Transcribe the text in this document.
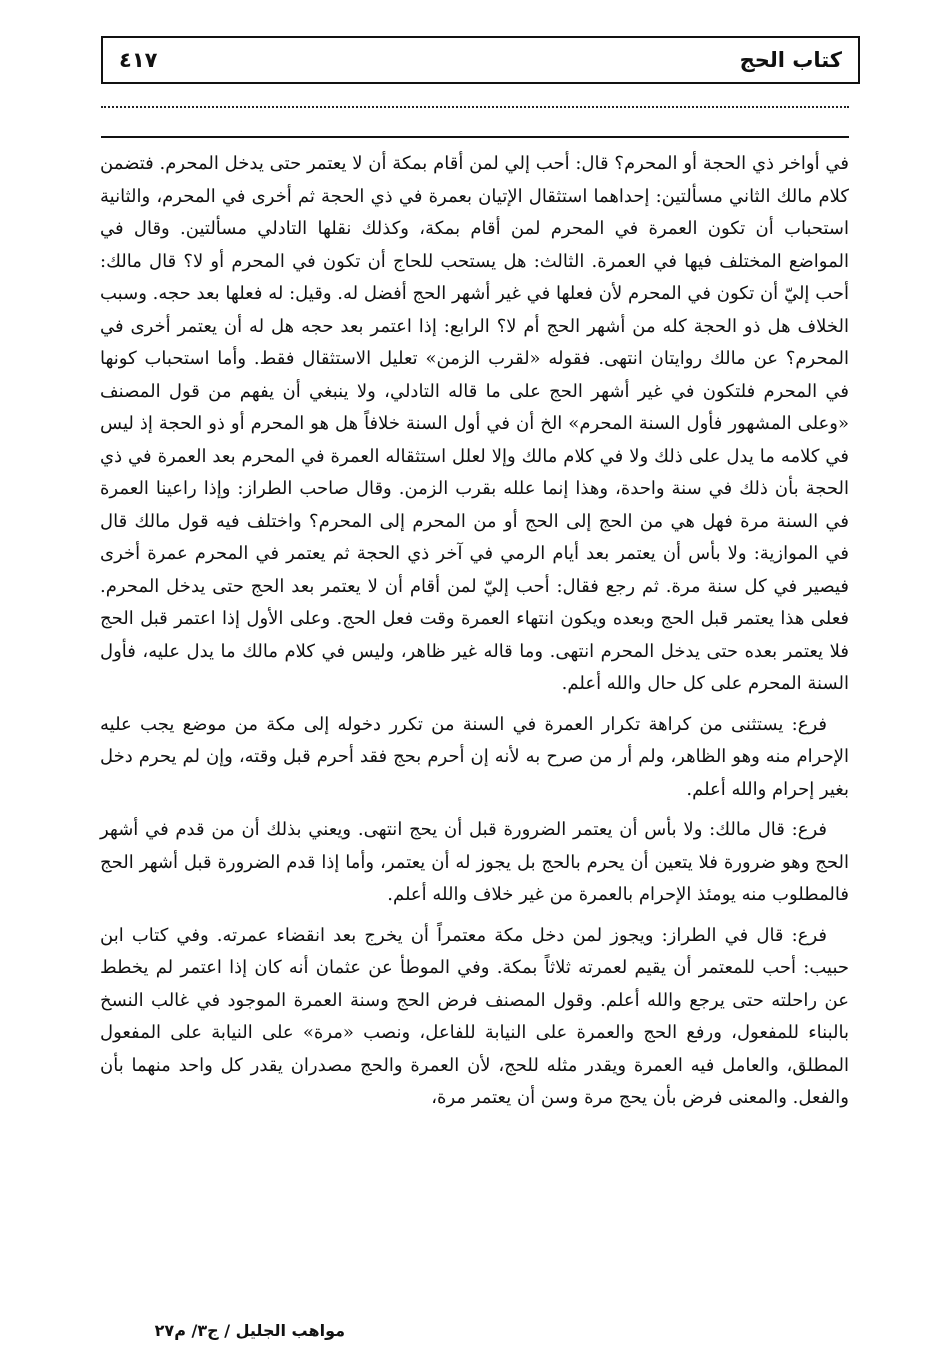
٤١٧	كتاب الحج

في أواخر ذي الحجة أو المحرم؟ قال: أحب إلي لمن أقام بمكة أن لا يعتمر حتى يدخل المحرم. فتضمن كلام مالك الثاني مسألتين: إحداهما استثقال الإتيان بعمرة في ذي الحجة ثم أخرى في المحرم، والثانية استحباب أن تكون العمرة في المحرم لمن أقام بمكة، وكذلك نقلها التادلي مسألتين. وقال في المواضع المختلف فيها في العمرة. الثالث: هل يستحب للحاج أن تكون في المحرم أو لا؟ قال مالك: أحب إليّ أن تكون في المحرم لأن فعلها في غير أشهر الحج أفضل له. وقيل: له فعلها بعد حجه. وسبب الخلاف هل ذو الحجة كله من أشهر الحج أم لا؟ الرابع: إذا اعتمر بعد حجه هل له أن يعتمر أخرى في المحرم؟ عن مالك روايتان انتهى. فقوله «لقرب الزمن» تعليل الاستثقال فقط. وأما استحباب كونها في المحرم فلتكون في غير أشهر الحج على ما قاله التادلي، ولا ينبغي أن يفهم من قول المصنف «وعلى المشهور فأول السنة المحرم» الخ أن في أول السنة خلافاً هل هو المحرم أو ذو الحجة إذ ليس في كلامه ما يدل على ذلك ولا في كلام مالك وإلا لعلل استثقاله العمرة في المحرم بعد العمرة في ذي الحجة بأن ذلك في سنة واحدة، وهذا إنما علله بقرب الزمن. وقال صاحب الطراز: وإذا راعينا العمرة في السنة مرة فهل هي من الحج إلى الحج أو من المحرم إلى المحرم؟ واختلف فيه قول مالك قال في الموازية: ولا بأس أن يعتمر بعد أيام الرمي في آخر ذي الحجة ثم يعتمر في المحرم عمرة أخرى فيصير في كل سنة مرة. ثم رجع فقال: أحب إليّ لمن أقام أن لا يعتمر بعد الحج حتى يدخل المحرم. فعلى هذا يعتمر قبل الحج وبعده ويكون انتهاء العمرة وقت فعل الحج. وعلى الأول إذا اعتمر قبل الحج فلا يعتمر بعده حتى يدخل المحرم انتهى. وما قاله غير ظاهر، وليس في كلام مالك ما يدل عليه، فأول السنة المحرم على كل حال والله أعلم.

فرع: يستثنى من كراهة تكرار العمرة في السنة من تكرر دخوله إلى مكة من موضع يجب عليه الإحرام منه وهو الظاهر، ولم أر من صرح به لأنه إن أحرم بحج فقد أحرم قبل وقته، وإن لم يحرم دخل بغير إحرام والله أعلم.

فرع: قال مالك: ولا بأس أن يعتمر الضرورة قبل أن يحج انتهى. ويعني بذلك أن من قدم في أشهر الحج وهو ضرورة فلا يتعين أن يحرم بالحج بل يجوز له أن يعتمر، وأما إذا قدم الضرورة قبل أشهر الحج فالمطلوب منه يومئذ الإحرام بالعمرة من غير خلاف والله أعلم.

فرع: قال في الطراز: ويجوز لمن دخل مكة معتمراً أن يخرج بعد انقضاء عمرته. وفي كتاب ابن حبيب: أحب للمعتمر أن يقيم لعمرته ثلاثاً بمكة. وفي الموطأ عن عثمان أنه كان إذا اعتمر لم يخطط عن راحلته حتى يرجع والله أعلم. وقول المصنف فرض الحج وسنة العمرة الموجود في غالب النسخ بالبناء للمفعول، ورفع الحج والعمرة على النيابة للفاعل، ونصب «مرة» على النيابة على المفعول المطلق، والعامل فيه العمرة ويقدر مثله للحج، لأن العمرة والحج مصدران يقدر كل واحد منهما بأن والفعل. والمعنى فرض بأن يحج مرة وسن أن يعتمر مرة،

مواهب الجليل / ج٣/ م٢٧
